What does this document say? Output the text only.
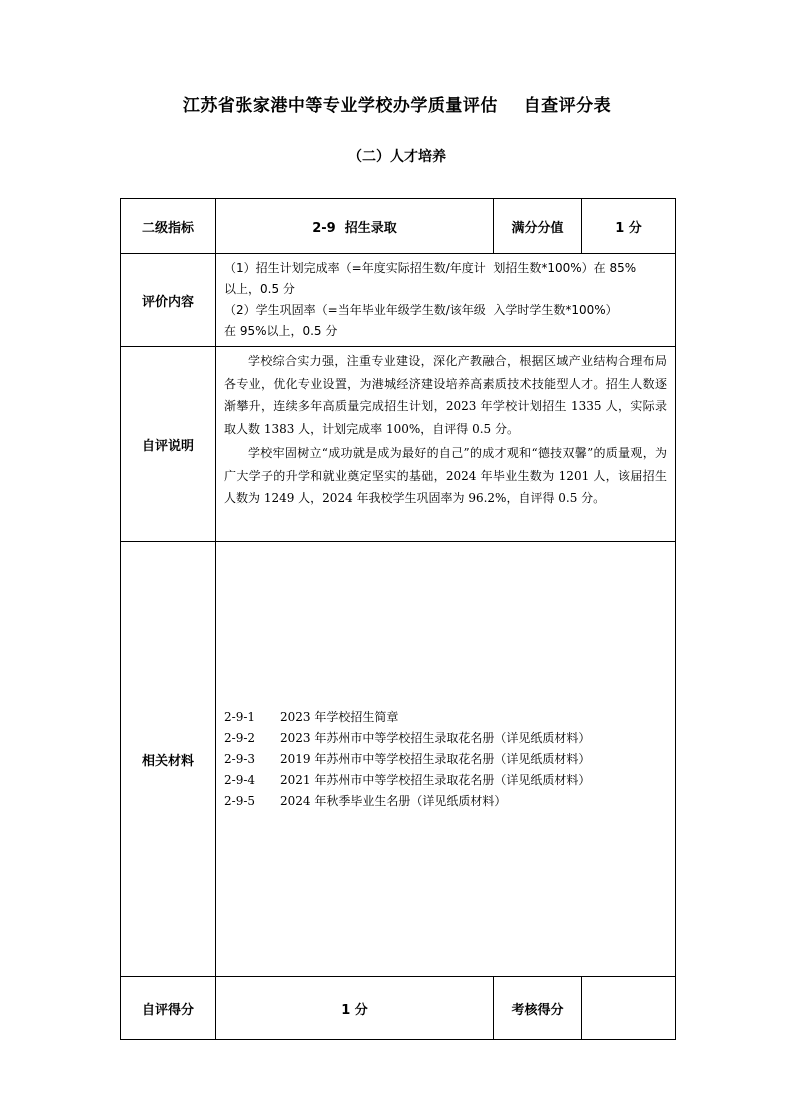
江苏省张家港中等专业学校办学质量评估    自查评分表
（二）人才培养
二级指标	2-9  招生录取	满分分值	1 分
评价内容	（1）招生计划完成率（=年度实际招生数/年度计  划招生数*100%）在 85%
以上，0.5 分
（2）学生巩固率（=当年毕业年级学生数/该年级  入学时学生数*100%）
在 95%以上，0.5 分		

自评说明	学校综合实力强，注重专业建设，深化产教融合，根据区域产业结构合理布局各专业，优化专业设置，为港城经济建设培养高素质技术技能型人才。招生人数逐渐攀升，连续多年高质量完成招生计划，2023 年学校计划招生 1335 人，实际录取人数 1383 人，计划完成率 100%，自评得 0.5 分。

学校牢固树立“成功就是成为最好的自己”的成才观和“德技双馨”的质量观，为广大学子的升学和就业奠定坚实的基础，2024 年毕业生数为 1201 人，该届招生人数为 1249 人，2024 年我校学生巩固率为 96.2%，自评得 0.5 分。		

相关材料	2-9-1 2023 年学校招生简章
2-9-2 2023 年苏州市中等学校招生录取花名册（详见纸质材料）
2-9-3 2019 年苏州市中等学校招生录取花名册（详见纸质材料）
2-9-4 2021 年苏州市中等学校招生录取花名册（详见纸质材料）
2-9-5 2024 年秋季毕业生名册（详见纸质材料）		

自评得分	1 分	考核得分	
